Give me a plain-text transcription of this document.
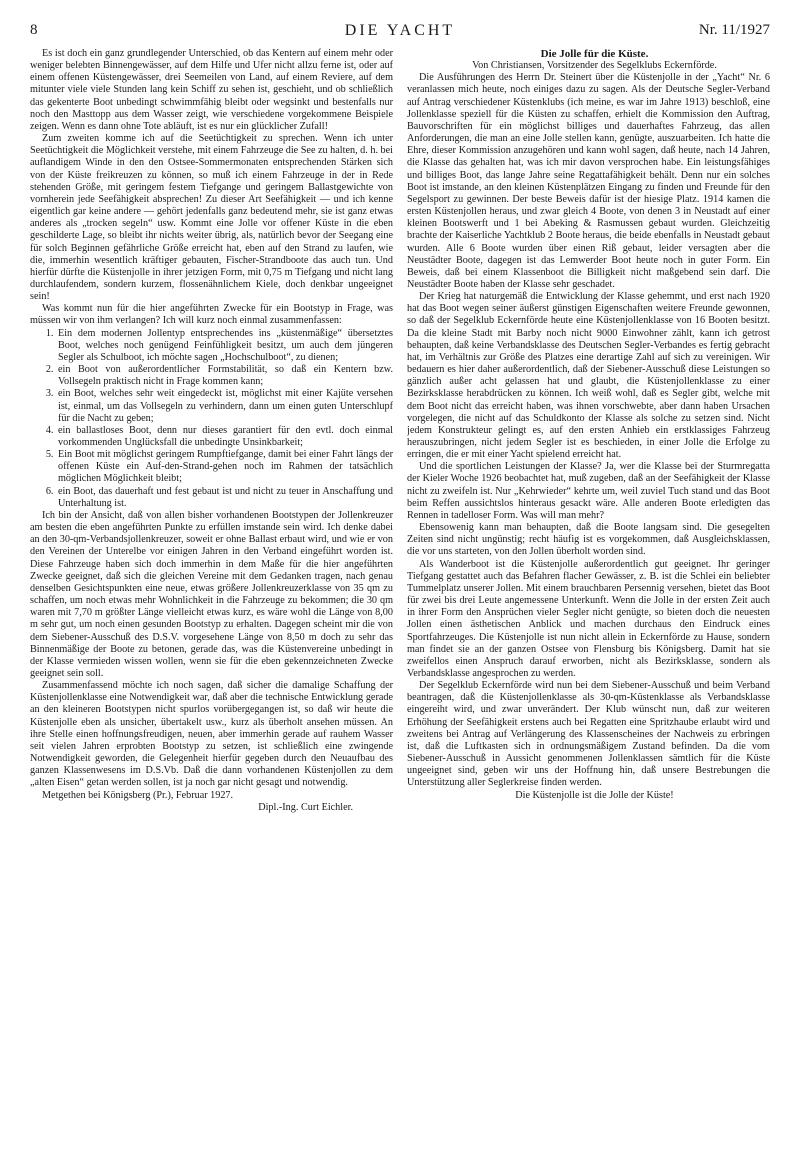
8	DIE YACHT	Nr. 11/1927

Es ist doch ein ganz grundlegender Unterschied, ob das Kentern auf einem mehr oder weniger belebten Binnengewässer, auf dem Hilfe und Ufer nicht allzu ferne ist, oder auf einem offenen Küstengewässer, drei Seemeilen von Land, auf einem Reviere, auf dem mitunter viele viele Stunden lang kein Schiff zu sehen ist, geschieht, und ob schließlich das gekenterte Boot unbedingt schwimmfähig bleibt oder wegsinkt und bestenfalls nur noch den Masttopp aus dem Wasser zeigt, wie verschiedene vorgekommene Beispiele zeigen. Wenn es dann ohne Tote abläuft, ist es nur ein glücklicher Zufall!

Zum zweiten komme ich auf die Seetüchtigkeit zu sprechen. Wenn ich unter Seetüchtigkeit die Möglichkeit verstehe, mit einem Fahrzeuge die See zu halten, d. h. bei auflandigem Winde in den den Ostsee-Sommermonaten entsprechenden Stärken sich von der Küste freikreuzen zu können, so muß ich einem Fahrzeuge in der in Rede stehenden Größe, mit geringem festem Tiefgange und geringem Ballastgewichte von vornherein jede Seefähigkeit absprechen! Zu dieser Art Seefähigkeit — und ich kenne eigentlich gar keine andere — gehört jedenfalls ganz bedeutend mehr, sie ist ganz etwas anderes als „trocken segeln“ usw. Kommt eine Jolle vor offener Küste in die eben geschilderte Lage, so bleibt ihr nichts weiter übrig, als, natürlich bevor der Seegang eine für solch Beginnen gefährliche Größe erreicht hat, eben auf den Strand zu laufen, wie die, immerhin wesentlich kräftiger gebauten, Fischer-Strandboote das auch tun. Und hierfür dürfte die Küstenjolle in ihrer jetzigen Form, mit 0,75 m Tiefgang und nicht lang durchlaufendem, sondern kurzem, flossenähnlichem Kiele, doch denkbar ungeeignet sein!

Was kommt nun für die hier angeführten Zwecke für ein Bootstyp in Frage, was müssen wir von ihm verlangen? Ich will kurz noch einmal zusammenfassen:

1. Ein dem modernen Jollentyp entsprechendes ins „küstenmäßige“ übersetztes Boot, welches noch genügend Feinfühligkeit besitzt, um auch dem jüngeren Segler als Schulboot, ich möchte sagen „Hochschulboot“, zu dienen;
2. ein Boot von außerordentlicher Formstabilität, so daß ein Kentern bzw. Vollsegeln praktisch nicht in Frage kommen kann;
3. ein Boot, welches sehr weit eingedeckt ist, möglichst mit einer Kajüte versehen ist, einmal, um das Vollsegeln zu verhindern, dann um einen guten Unterschlupf für die Nacht zu geben;
4. ein ballastloses Boot, denn nur dieses garantiert für den evtl. doch einmal vorkommenden Unglücksfall die unbedingte Unsinkbarkeit;
5. Ein Boot mit möglichst geringem Rumpftiefgange, damit bei einer Fahrt längs der offenen Küste ein Auf-den-Strand-gehen noch im Rahmen der tatsächlich möglichen Möglichkeit bleibt;
6. ein Boot, das dauerhaft und fest gebaut ist und nicht zu teuer in Anschaffung und Unterhaltung ist.

Ich bin der Ansicht, daß von allen bisher vorhandenen Bootstypen der Jollenkreuzer am besten die eben angeführten Punkte zu erfüllen imstande sein wird. Ich denke dabei an den 30-qm-Verbandsjollenkreuzer, soweit er ohne Ballast erbaut wird, und wie er von den Vereinen der Unterelbe vor einigen Jahren in den Verband eingeführt worden ist. Diese Fahrzeuge haben sich doch immerhin in dem Maße für die hier angeführten Zwecke geeignet, daß sich die gleichen Vereine mit dem Gedanken tragen, nach genau denselben Gesichtspunkten eine neue, etwas größere Jollenkreuzerklasse von 35 qm zu schaffen, um noch etwas mehr Wohnlichkeit in die Fahrzeuge zu bekommen; die 30 qm waren mit 7,70 m größter Länge vielleicht etwas kurz, es wäre wohl die Länge von 8,00 m sehr gut, um noch einen gesunden Bootstyp zu erhalten. Dagegen scheint mir die von dem Siebener-Ausschuß des D.S.V. vorgesehene Länge von 8,50 m doch zu sehr das Binnenmäßige der Boote zu betonen, gerade das, was die Küstenvereine unbedingt in der Klasse vermieden wissen wollen, wenn sie für die eben gekennzeichneten Zwecke geeignet sein soll.

Zusammenfassend möchte ich noch sagen, daß sicher die damalige Schaffung der Küstenjollenklasse eine Notwendigkeit war, daß aber die technische Entwicklung gerade an den kleineren Bootstypen nicht spurlos vorübergegangen ist, so daß wir heute die Küstenjolle eben als unsicher, übertakelt usw., kurz als überholt ansehen müssen. An ihre Stelle einen hoffnungsfreudigen, neuen, aber immerhin gerade auf rauhem Wasser seit vielen Jahren erprobten Bootstyp zu setzen, ist schließlich eine zwingende Notwendigkeit geworden, die Gelegenheit hierfür gegeben durch den Neuaufbau des ganzen Klassenwesens im D.S.Vb. Daß die dann vorhandenen Küstenjollen zu dem „alten Eisen“ getan werden sollen, ist ja noch gar nicht gesagt und notwendig.

Metgethen bei Königsberg (Pr.), Februar 1927.

Dipl.-Ing. Curt Eichler.

Die Jolle für die Küste.

Von Christiansen, Vorsitzender des Segelklubs Eckernförde.

Die Ausführungen des Herrn Dr. Steinert über die Küstenjolle in der „Yacht“ Nr. 6 veranlassen mich heute, noch einiges dazu zu sagen. Als der Deutsche Segler-Verband auf Antrag verschiedener Küstenklubs (ich meine, es war im Jahre 1913) beschloß, eine Jollenklasse speziell für die Küsten zu schaffen, erhielt die Kommission den Auftrag, Bauvorschriften für ein möglichst billiges und dauerhaftes Fahrzeug, das allen Anforderungen, die man an eine Jolle stellen kann, genügte, auszuarbeiten. Ich hatte die Ehre, dieser Kommission anzugehören und kann wohl sagen, daß heute, nach 14 Jahren, die Klasse das gehalten hat, was ich mir davon versprochen habe. Ein leistungsfähiges und billiges Boot, das lange Jahre seine Regattafähigkeit behält. Denn nur ein solches Boot ist imstande, an den kleinen Küstenplätzen Eingang zu finden und Freunde für den Segelsport zu gewinnen. Der beste Beweis dafür ist der hiesige Platz. 1914 kamen die ersten Küstenjollen heraus, und zwar gleich 4 Boote, von denen 3 in Neustadt auf einer kleinen Bootswerft und 1 bei Abeking & Rasmussen gebaut wurden. Gleichzeitig brachte der Kaiserliche Yachtklub 2 Boote heraus, die beide ebenfalls in Neustadt gebaut wurden. Alle 6 Boote wurden über einen Riß gebaut, leider versagten aber die Neustädter Boote, dagegen ist das Lemwerder Boot heute noch in guter Form. Ein Beweis, daß bei einem Klassenboot die Billigkeit nicht maßgebend sein darf. Die Neustädter Boote haben der Klasse sehr geschadet.

Der Krieg hat naturgemäß die Entwicklung der Klasse gehemmt, und erst nach 1920 hat das Boot wegen seiner äußerst günstigen Eigenschaften weitere Freunde gewonnen, so daß der Segelklub Eckernförde heute eine Küstenjollenklasse von 16 Booten besitzt. Da die kleine Stadt mit Barby noch nicht 9000 Einwohner zählt, kann ich getrost behaupten, daß keine Verbandsklasse des Deutschen Segler-Verbandes es fertig gebracht hat, im Verhältnis zur Größe des Platzes eine derartige Zahl auf sich zu vereinigen. Wir bedauern es hier daher außerordentlich, daß der Siebener-Ausschuß diese Leistungen so gänzlich außer acht gelassen hat und glaubt, die Küstenjollenklasse zu einer Bezirksklasse herabdrücken zu können. Ich weiß wohl, daß es Segler gibt, welche mit dem Boot nicht das erreicht haben, was ihnen vorschwebte, aber dann haben Ursachen vorgelegen, die nicht auf das Schuldkonto der Klasse als solche zu setzen sind. Nicht jedem Konstrukteur gelingt es, auf den ersten Anhieb ein erstklassiges Fahrzeug herauszubringen, nicht jedem Segler ist es beschieden, in einer Jolle die Erfolge zu erringen, die er mit einer Yacht spielend erreicht hat.

Und die sportlichen Leistungen der Klasse? Ja, wer die Klasse bei der Sturmregatta der Kieler Woche 1926 beobachtet hat, muß zugeben, daß an der Seefähigkeit der Klasse nicht zu zweifeln ist. Nur „Kehrwieder“ kehrte um, weil zuviel Tuch stand und das Boot beim Reffen aussichtslos hinteraus gesackt wäre. Alle anderen Boote erledigten das Rennen in tadelloser Form. Was will man mehr?

Ebensowenig kann man behaupten, daß die Boote langsam sind. Die gesegelten Zeiten sind nicht ungünstig; recht häufig ist es vorgekommen, daß Ausgleichsklassen, die vor uns starteten, von den Jollen überholt worden sind.

Als Wanderboot ist die Küstenjolle außerordentlich gut geeignet. Ihr geringer Tiefgang gestattet auch das Befahren flacher Gewässer, z. B. ist die Schlei ein beliebter Tummelplatz unserer Jollen. Mit einem brauchbaren Persennig versehen, bietet das Boot für zwei bis drei Leute angemessene Unterkunft. Wenn die Jolle in der ersten Zeit auch in ihrer Form den Ansprüchen vieler Segler nicht genügte, so bieten doch die neuesten Jollen einen ästhetischen Anblick und machen durchaus den Eindruck eines Sportfahrzeuges. Die Küstenjolle ist nun nicht allein in Eckernförde zu Hause, sondern man findet sie an der ganzen Ostsee von Flensburg bis Königsberg. Damit hat sie zweifellos einen Anspruch darauf erworben, nicht als Bezirksklasse, sondern als Verbandsklasse angesprochen zu werden.

Der Segelklub Eckernförde wird nun bei dem Siebener-Ausschuß und beim Verband beantragen, daß die Küstenjollenklasse als 30-qm-Küstenklasse als Verbandsklasse eingereiht wird, und zwar unverändert. Der Klub wünscht nun, daß zur weiteren Erhöhung der Seefähigkeit erstens auch bei Regatten eine Spritzhaube erlaubt wird und zweitens bei Antrag auf Verlängerung des Klassenscheines der Nachweis zu erbringen ist, daß die Luftkasten sich in ordnungsmäßigem Zustand befinden. Da die vom Siebener-Ausschuß in Aussicht genommenen Jollenklassen sämtlich für die Küste ungeeignet sind, geben wir uns der Hoffnung hin, daß unsere Bestrebungen die Unterstützung aller Seglerkreise finden werden.

Die Küstenjolle ist die Jolle der Küste!
